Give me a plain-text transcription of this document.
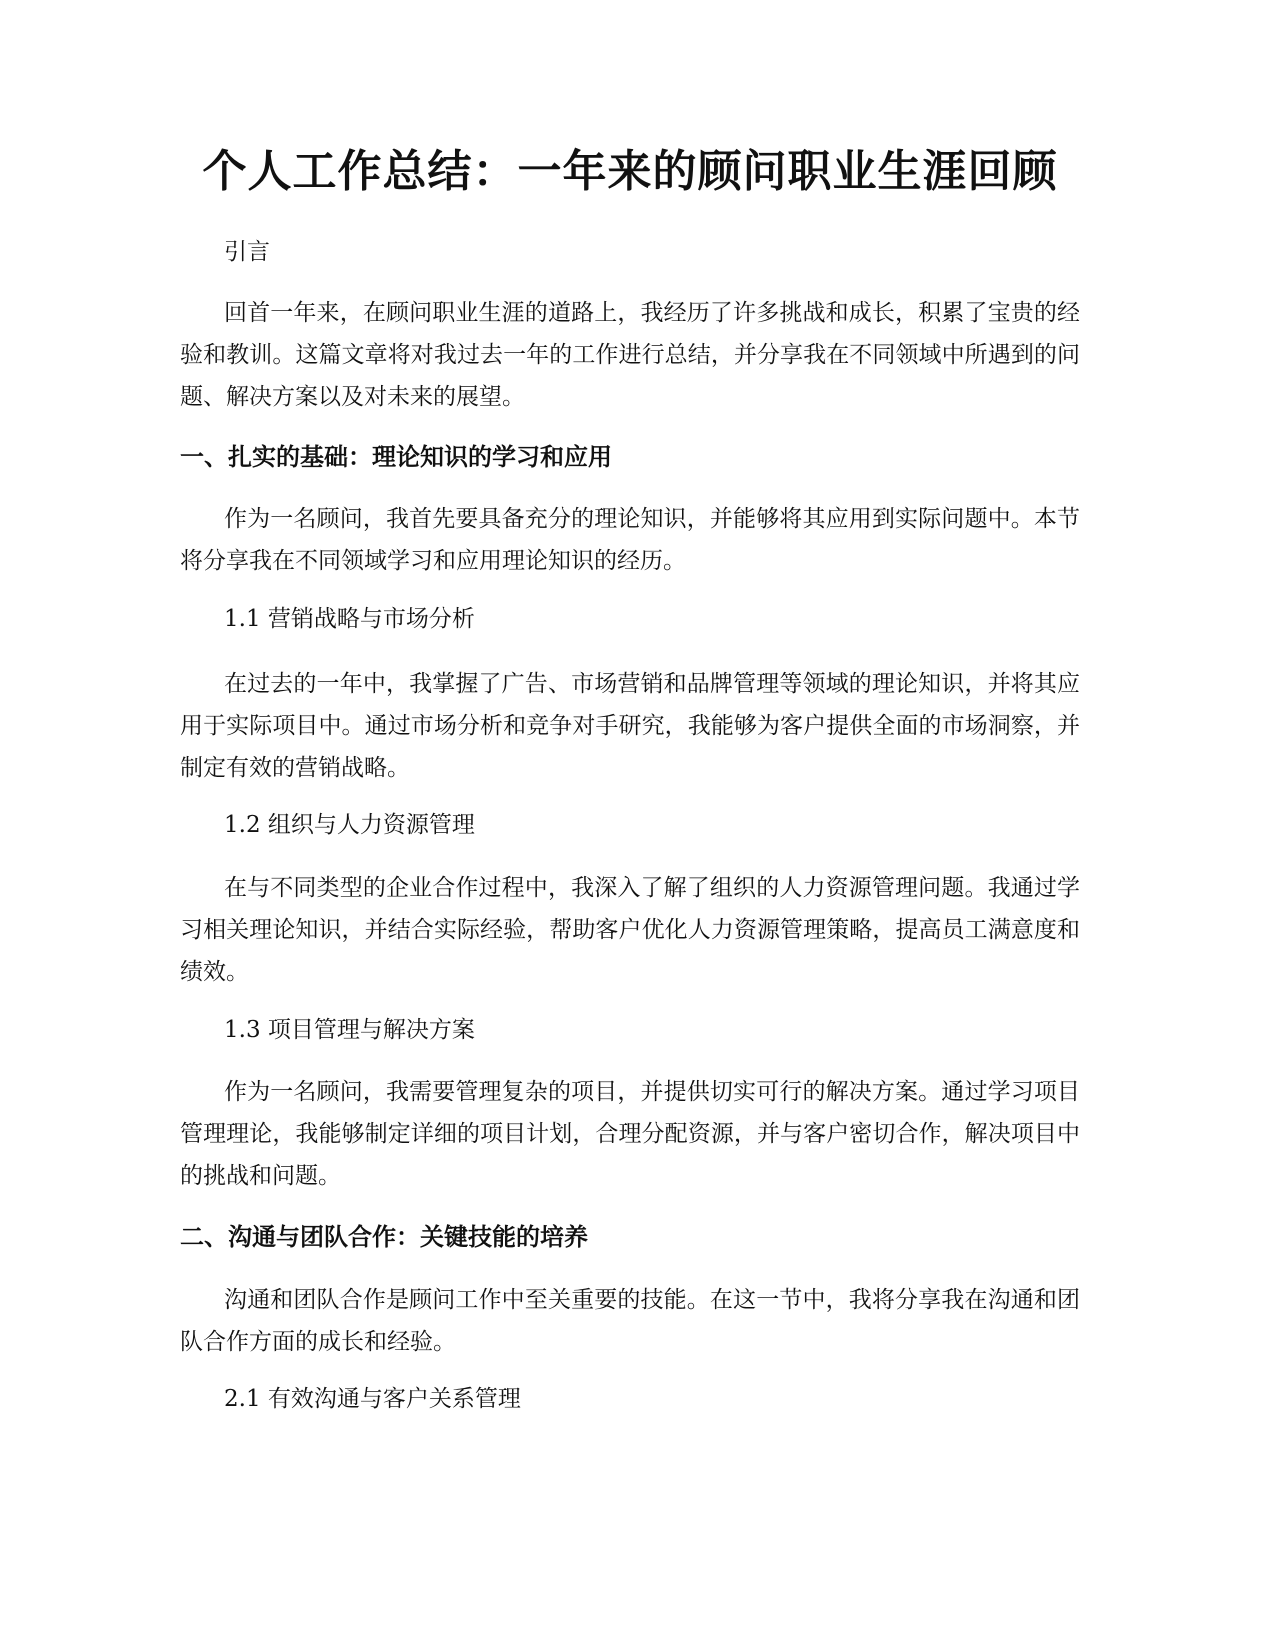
个人工作总结：一年来的顾问职业生涯回顾

引言

回首一年来，在顾问职业生涯的道路上，我经历了许多挑战和成长，积累了宝贵的经验和教训。这篇文章将对我过去一年的工作进行总结，并分享我在不同领域中所遇到的问题、解决方案以及对未来的展望。

一、扎实的基础：理论知识的学习和应用

作为一名顾问，我首先要具备充分的理论知识，并能够将其应用到实际问题中。本节将分享我在不同领域学习和应用理论知识的经历。

1.1 营销战略与市场分析

在过去的一年中，我掌握了广告、市场营销和品牌管理等领域的理论知识，并将其应用于实际项目中。通过市场分析和竞争对手研究，我能够为客户提供全面的市场洞察，并制定有效的营销战略。

1.2 组织与人力资源管理

在与不同类型的企业合作过程中，我深入了解了组织的人力资源管理问题。我通过学习相关理论知识，并结合实际经验，帮助客户优化人力资源管理策略，提高员工满意度和绩效。

1.3 项目管理与解决方案

作为一名顾问，我需要管理复杂的项目，并提供切实可行的解决方案。通过学习项目管理理论，我能够制定详细的项目计划，合理分配资源，并与客户密切合作，解决项目中的挑战和问题。

二、沟通与团队合作：关键技能的培养

沟通和团队合作是顾问工作中至关重要的技能。在这一节中，我将分享我在沟通和团队合作方面的成长和经验。

2.1 有效沟通与客户关系管理
